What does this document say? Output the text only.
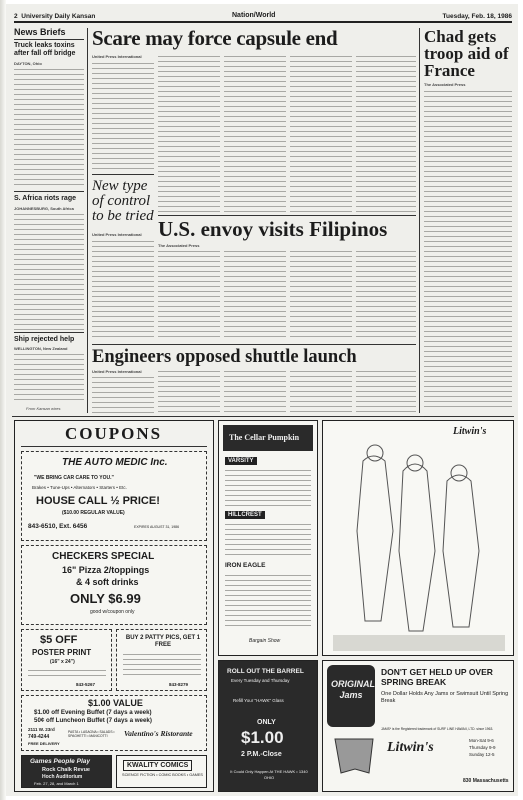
2 University Daily Kansan	Nation/World	Tuesday, Feb. 18, 1986
News Briefs
Truck leaks toxins after fall off bridge
DAYTON, Ohio
S. Africa riots rage
JOHANNESBURG, South Africa
Ship rejected help
WELLINGTON, New Zealand
From Kansan wires
Scare may force capsule end
United Press International
New type of control to be tried
United Press International U.S. envoy visits Filipinos
The Associated Press
Engineers opposed shuttle launch
United Press International
Chad gets troop aid of France
The Associated Press
COUPONS
THE AUTO MEDIC Inc.
"WE BRING CAR CARE TO YOU."
Brakes • Tune-Ups • Alternators • Starters • Etc.
HOUSE CALL ½ PRICE!
($10.00 REGULAR VALUE)
843-6510, Ext. 6456	EXPIRES AUGUST 31, 1986
CHECKERS SPECIAL
16" Pizza 2/toppings
& 4 soft drinks
ONLY $6.99
good w/coupon only
$5 OFF
POSTER PRINT
(16" x 24")
843-5267
BUY 2 PATTY PICS, GET 1 FREE
843-8279
$1.00 VALUE
$1.00 off Evening Buffet (7 days a week)
50¢ off Luncheon Buffet (7 days a week)
2111 W. 23rd
749-4244
FREE DELIVERY
PASTA • LASAGNA • SALADS • SPAGHETTI • MANICOTTI	Valentino's Ristorante
Games People Play
Rock Chalk Revue
Hoch Auditorium
Feb. 27, 28, and March 1
KWALITY COMICS
SCIENCE FICTION • COMIC BOOKS • GAMES
The Cellar Pumpkin
VARSITY
HILLCREST
IRON EAGLE
Bargain Show
ROLL OUT THE BARREL
Every Tuesday and Thursday
Refill Your "HAWK" Glass
ONLY
$1.00
2 P.M.-Close
It Could Only Happen At THE HAWK • 1340 OHIO
Litwin's
ORIGINAL Jams
DON'T GET HELD UP OVER SPRING BREAK
One Dollar Holds Any Jams or Swimsuit Until Spring Break
JAMS* is the Registered trademark of SURF LINE HAWAII, LTD. since 1963.
Litwin's	Mon-Sat 9-6
Thursday 9-9
Sunday 12-5
830 Massachusetts
